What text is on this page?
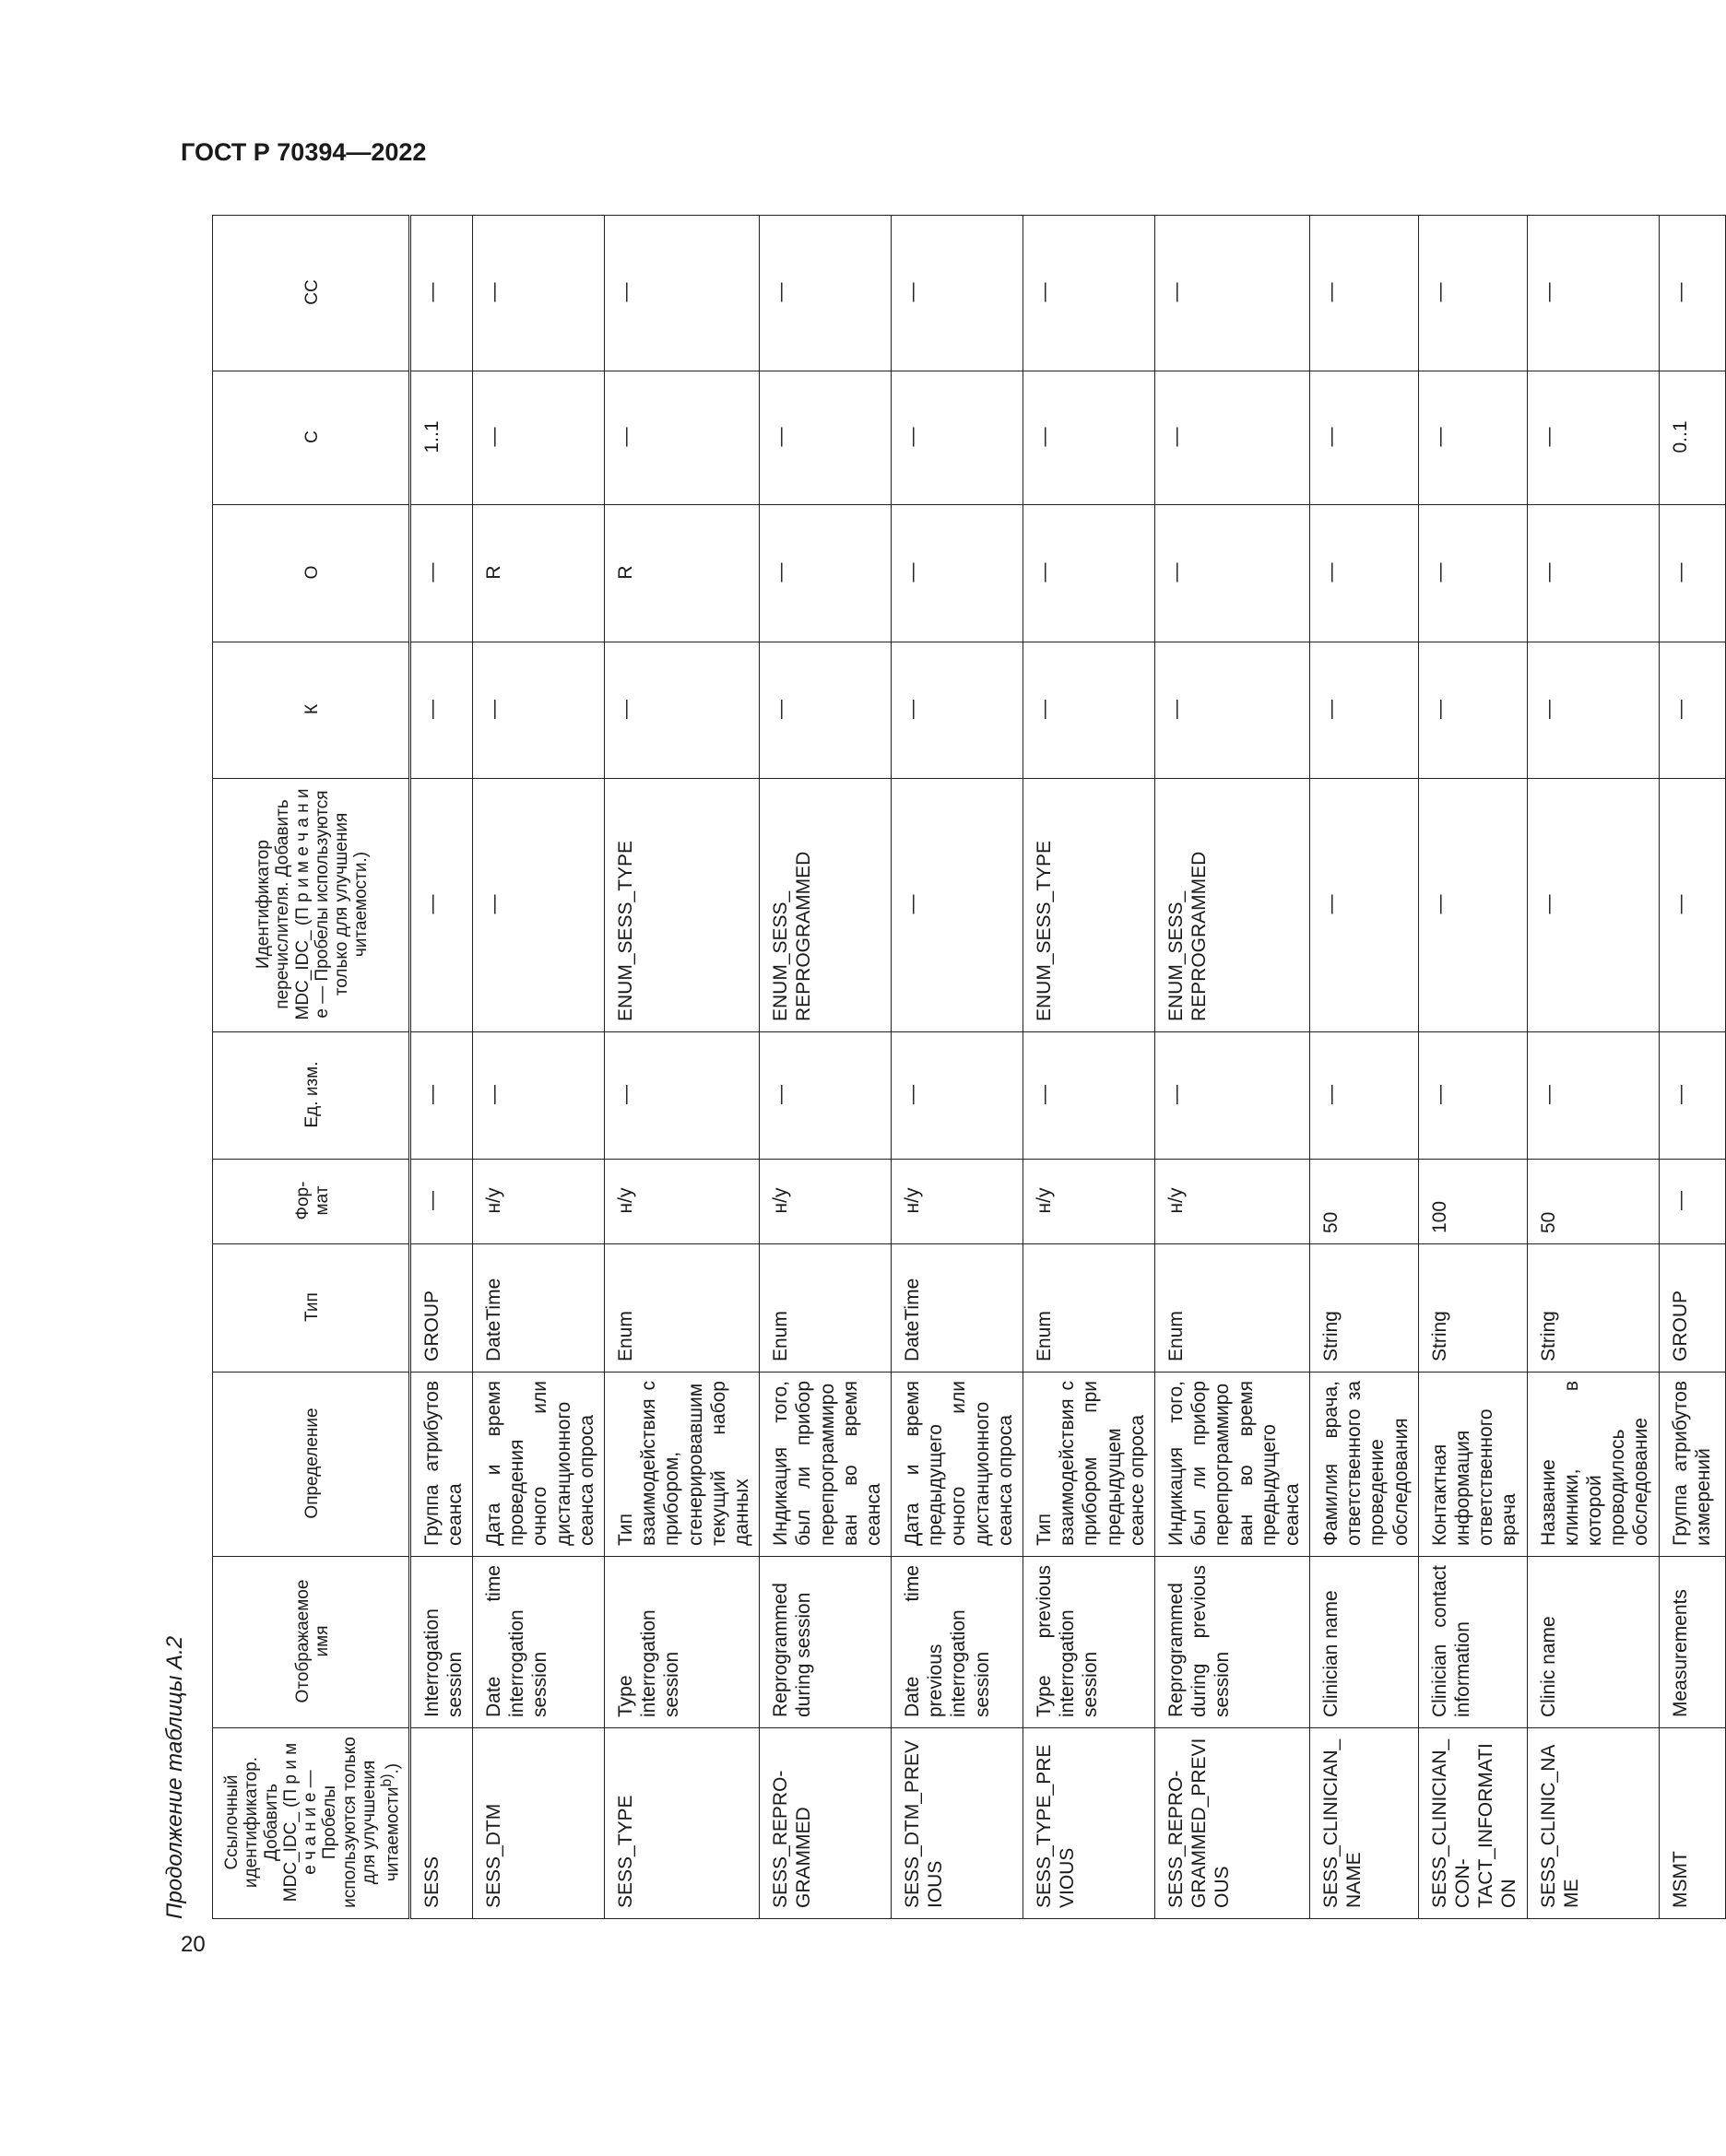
ГОСТ Р 70394—2022
20
Продолжение таблицы А.2 Ссылочный идентификатор. Добавить MDC_IDC_ (П р и м е ч а н и е — Пробелы используются только для улучшения читаемости$^{b)}$.)	Отображаемое имя	Определение	Тип	Фор-мат	Ед. изм.	Идентификатор перечислителя. Добавить MDC_IDC_ (П р и м е ч а н и е — Пробелы используются только для улучшения читаемости.)	К	О	С	СС
SESS	Interrogation session	Группа атрибутов сеанса	GROUP	—	—	—	—	—	1..1	—
SESS_DTM	Date time interrogation session	Дата и время проведения очного или дистанционного сеанса опроса	DateTime	н/у	—	—	—	R	—	—
SESS_TYPE	Type interrogation session	Тип взаимодействия с прибором, сгенерировавшим текущий набор данных	Enum	н/у	—	ENUM_SESS_TYPE	—	R	—	—
SESS_REPRO- GRAMMED	Reprogrammed during session	Индикация того, был ли прибор перепрограммирован во время сеанса	Enum	н/у	—	ENUM_SESS_ REPROGRAMMED	—	—	—	—
SESS_DTM_PREVIOUS	Date time previous interrogation session	Дата и время предыдущего очного или дистанционного сеанса опроса	DateTime	н/у	—	—	—	—	—	—
SESS_TYPE_PREVIOUS	Type previous interrogation session	Тип взаимодействия с прибором при предыдущем сеансе опроса	Enum	н/у	—	ENUM_SESS_TYPE	—	—	—	—
SESS_REPRO- GRAMMED_PREVIOUS	Reprogrammed during previous session	Индикация того, был ли прибор перепрограммирован во время предыдущего сеанса	Enum	н/у	—	ENUM_SESS_ REPROGRAMMED	—	—	—	—
SESS_CLINICIAN_NAME	Clinician name	Фамилия врача, ответственного за проведение обследования	String	50	—	—	—	—	—	—
SESS_CLINICIAN_CON- TACT_INFORMATION	Clinician contact information	Контактная информация ответственного врача	String	100	—	—	—	—	—	—
SESS_CLINIC_NAME	Clinic name	Название клиники, в которой проводилось обследование	String	50	—	—	—	—	—	—
MSMT	Measurements	Группа атрибутов измерений	GROUP	—	—	—	—	—	0..1	—
